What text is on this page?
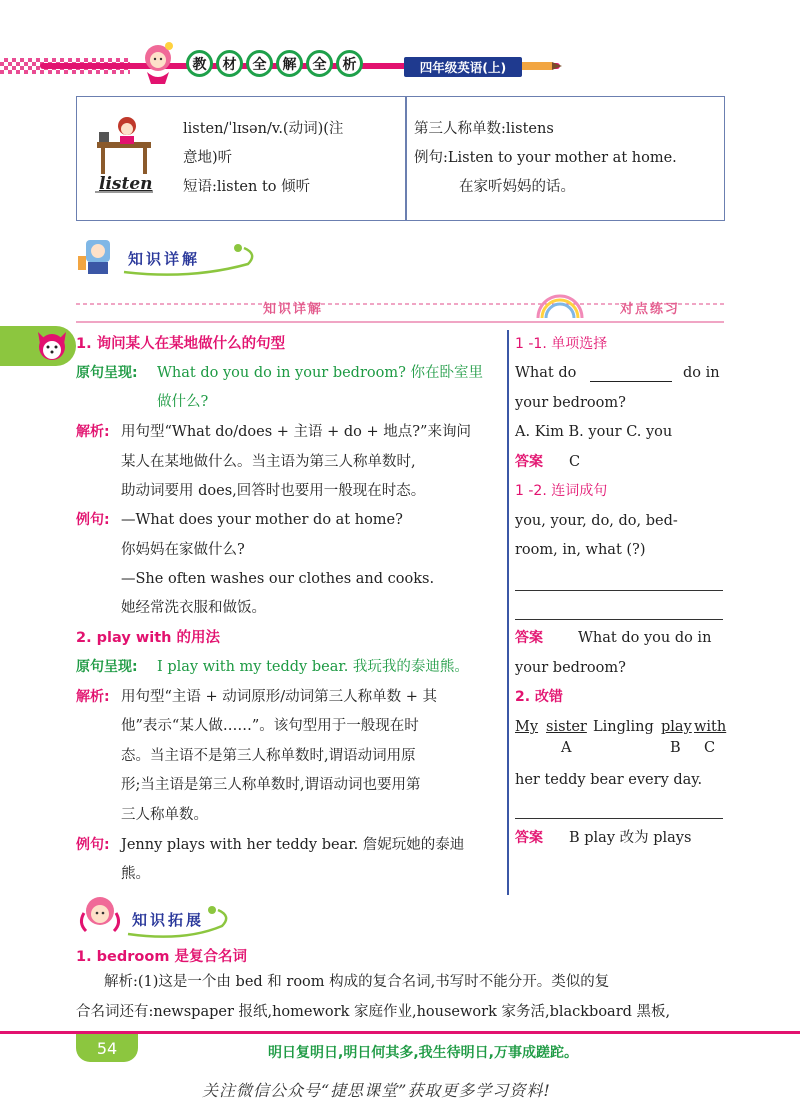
教	材	全	解	全	析	四年级英语(上)
listen
listen/ˈlɪsən/v.(动词)(注
意地)听
短语:listen to 倾听
第三人称单数:listens
例句:Listen to your mother at home.
在家听妈妈的话。
知识详解
知识详解	对点练习
1. 询问某人在某地做什么的句型
原句呈现: What do you do in your bedroom? 你在卧室里
做什么?
解析: 用句型“What do/does + 主语 + do + 地点?”来询问
某人在某地做什么。当主语为第三人称单数时,
助动词要用 does,回答时也要用一般现在时态。
例句: —What does your mother do at home?
你妈妈在家做什么?
—She often washes our clothes and cooks.
她经常洗衣服和做饭。
2. play with 的用法
原句呈现: I play with my teddy bear. 我玩我的泰迪熊。
解析: 用句型“主语 + 动词原形/动词第三人称单数 + 其
他”表示“某人做……”。该句型用于一般现在时
态。当主语不是第三人称单数时,谓语动词用原
形;当主语是第三人称单数时,谓语动词也要用第
三人称单数。
例句: Jenny plays with her teddy bear. 詹妮玩她的泰迪
熊。
1 -1. 单项选择
What do	do in
your bedroom?
A. Kim B. your C. you
答案 C
1 -2. 连词成句
you, your, do, do, bed-
room, in, what (?)
答案 What do you do in
your bedroom?
2. 改错
My sister Lingling play with
A	B C
her teddy bear every day.
答案 B play 改为 plays
知识拓展
1. bedroom 是复合名词
解析:(1)这是一个由 bed 和 room 构成的复合名词,书写时不能分开。类似的复
合名词还有:newspaper 报纸,homework 家庭作业,housework 家务活,blackboard 黑板,
54	明日复明日,明日何其多,我生待明日,万事成蹉跎。
关注微信公众号“捷思课堂”获取更多学习资料!
